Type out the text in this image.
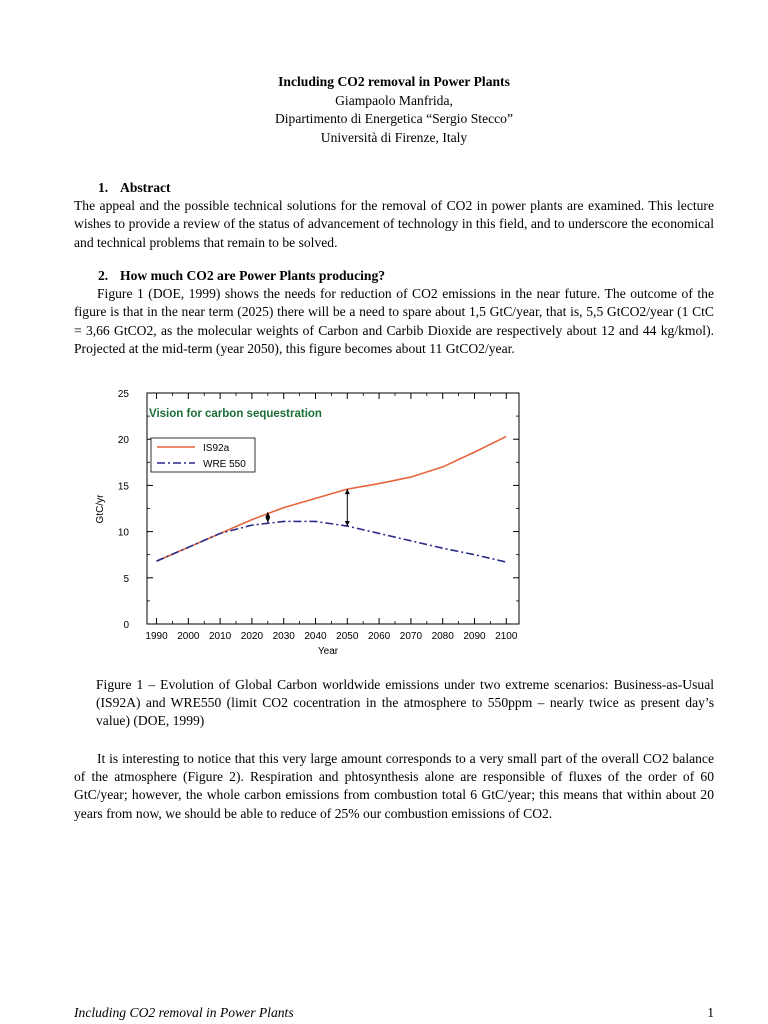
Including CO2 removal in Power Plants
Giampaolo Manfrida,
Dipartimento di Energetica “Sergio Stecco”
Università di Firenze, Italy

1. Abstract

The appeal and the possible technical solutions for the removal of CO2 in power plants are examined. This lecture wishes to provide a review of the status of advancement of technology in this field, and to underscore the economical and technical problems that remain to be solved.

2. How much CO2 are Power Plants producing?

Figure 1 (DOE, 1999) shows the needs for reduction of CO2 emissions in the near future. The outcome of the figure is that in the near term (2025) there will be a need to spare about 1,5 GtC/year, that is, 5,5 GtCO2/year (1 CtC = 3,66 GtCO2, as the molecular weights of Carbon and Carbib Dioxide are respectively about 12 and 44 kg/kmol). Projected at the mid-term (year 2050), this figure becomes about 11 GtCO2/year.

Figure 1 – Evolution of Global Carbon worldwide emissions under two extreme scenarios: Business-as-Usual (IS92A) and WRE550 (limit CO2 cocentration in the atmosphere to 550ppm – nearly twice as present day’s value) (DOE, 1999)

It is interesting to notice that this very large amount corresponds to a very small part of the overall CO2 balance of the atmosphere (Figure 2). Respiration and phtosynthesis alone are responsible of fluxes of the order of 60 GtC/year; however, the whole carbon emissions from combustion total 6 GtC/year; this means that within about 20 years from now, we should be able to reduce of 25% our combustion emissions of CO2.

1990 2000 2010 2020 2030 2040 2050 2060 2070 2080 2090 2100
0
5
10
15
20
25
Vision for carbon sequestration
IS92a
WRE 550
GtC/yr
Year
Including CO2 removal in Power Plants	1
